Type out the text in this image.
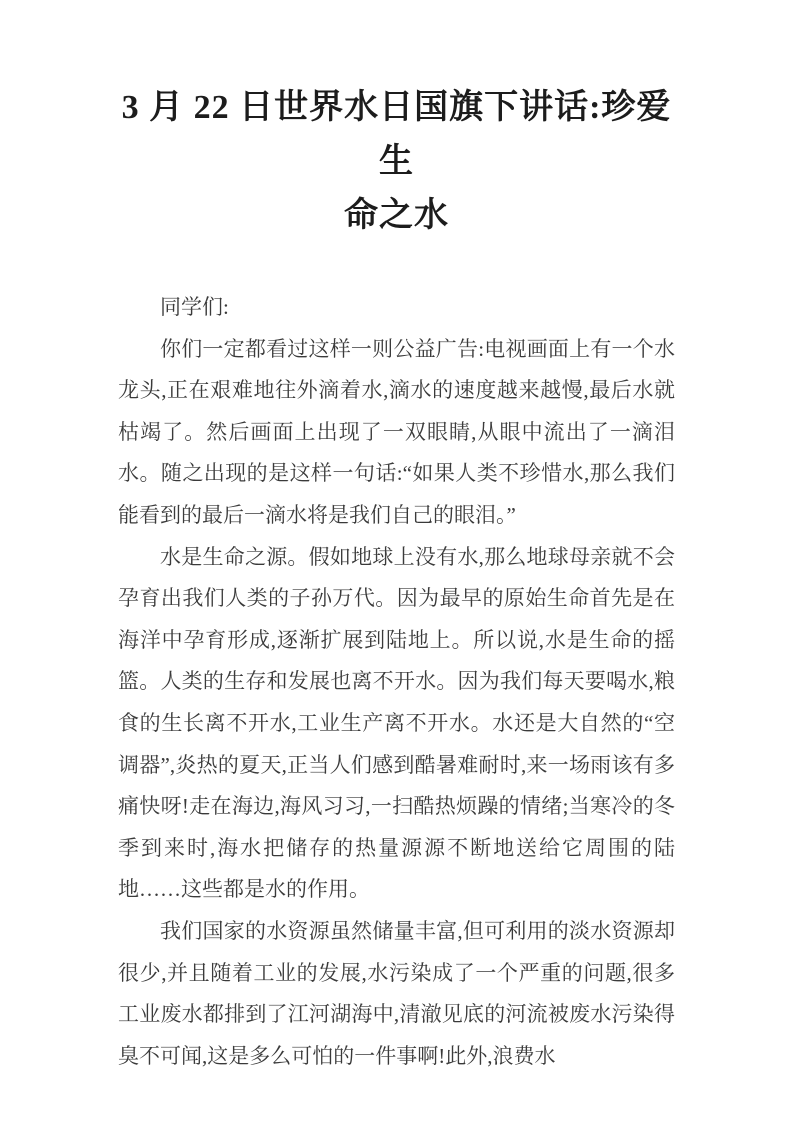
3 月 22 日世界水日国旗下讲话:珍爱生
命之水

同学们:

你们一定都看过这样一则公益广告:电视画面上有一个水龙头,正在艰难地往外滴着水,滴水的速度越来越慢,最后水就枯竭了。然后画面上出现了一双眼睛,从眼中流出了一滴泪水。随之出现的是这样一句话:“如果人类不珍惜水,那么我们能看到的最后一滴水将是我们自己的眼泪。”

水是生命之源。假如地球上没有水,那么地球母亲就不会孕育出我们人类的子孙万代。因为最早的原始生命首先是在海洋中孕育形成,逐渐扩展到陆地上。所以说,水是生命的摇篮。人类的生存和发展也离不开水。因为我们每天要喝水,粮食的生长离不开水,工业生产离不开水。水还是大自然的“空调器”,炎热的夏天,正当人们感到酷暑难耐时,来一场雨该有多痛快呀!走在海边,海风习习,一扫酷热烦躁的情绪;当寒冷的冬季到来时,海水把储存的热量源源不断地送给它周围的陆地……这些都是水的作用。

我们国家的水资源虽然储量丰富,但可利用的淡水资源却很少,并且随着工业的发展,水污染成了一个严重的问题,很多工业废水都排到了江河湖海中,清澈见底的河流被废水污染得臭不可闻,这是多么可怕的一件事啊!此外,浪费水
